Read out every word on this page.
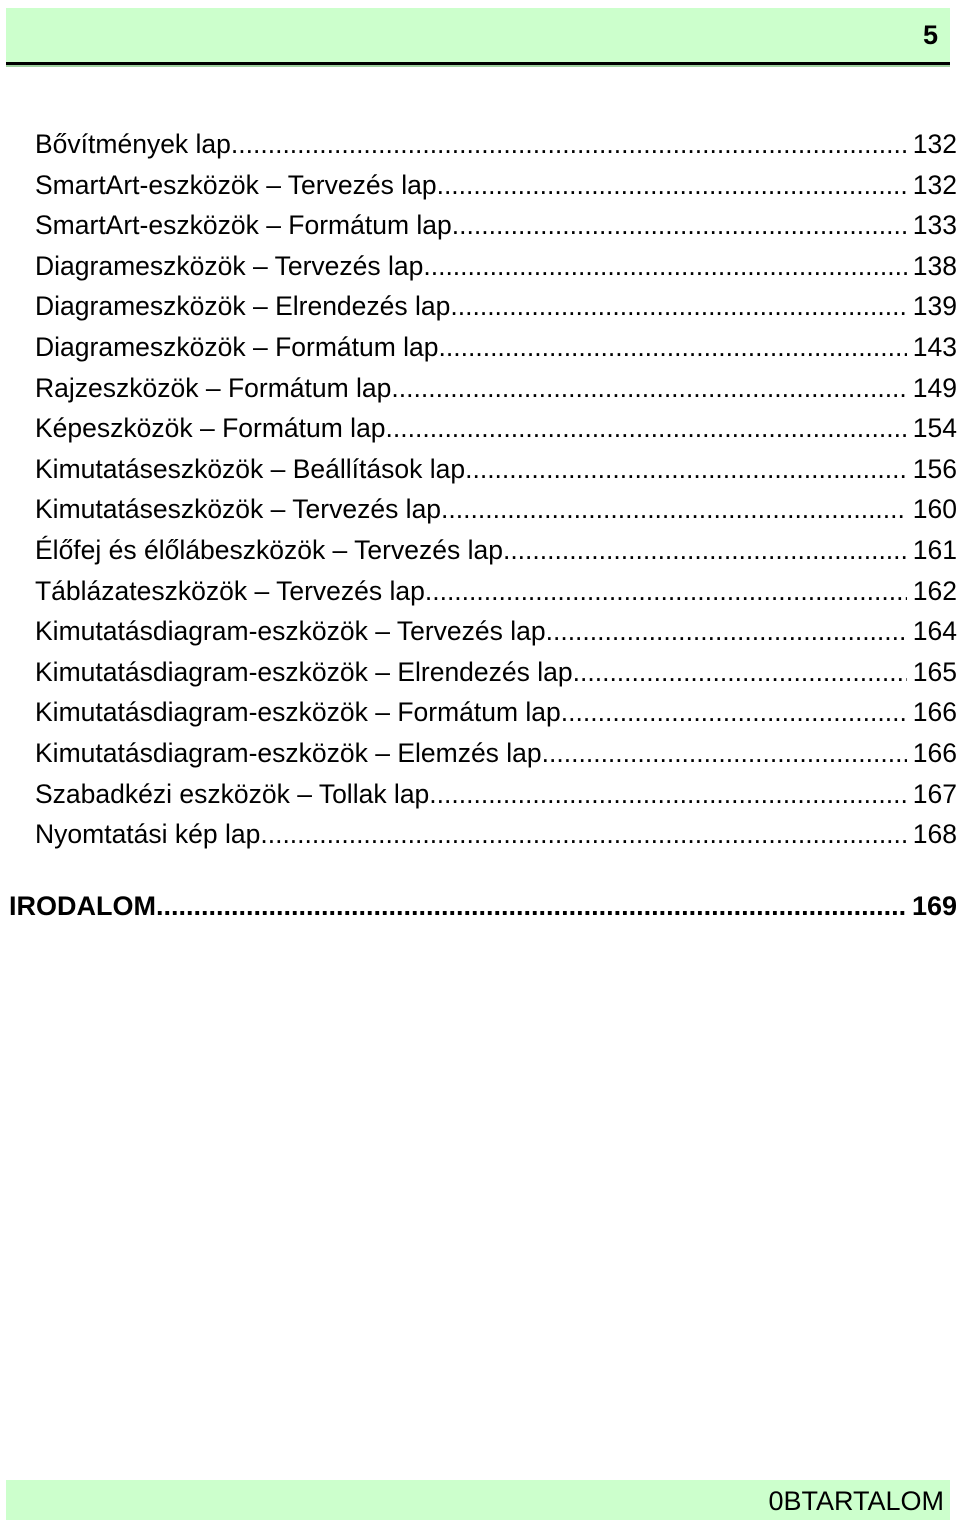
5
Bővítmények lap .....	132
SmartArt-eszközök – Tervezés lap .....	132
SmartArt-eszközök – Formátum lap .....	133
Diagrameszközök – Tervezés lap .....	138
Diagrameszközök – Elrendezés lap .....	139
Diagrameszközök – Formátum lap .....	143
Rajzeszközök – Formátum lap .....	149
Képeszközök – Formátum lap .....	154
Kimutatáseszközök – Beállítások lap .....	156
Kimutatáseszközök – Tervezés lap .....	160
Élőfej és élőlábeszközök – Tervezés lap .....	161
Táblázateszközök – Tervezés lap .....	162
Kimutatásdiagram-eszközök – Tervezés lap .....	164
Kimutatásdiagram-eszközök – Elrendezés lap .....	165
Kimutatásdiagram-eszközök – Formátum lap .....	166
Kimutatásdiagram-eszközök – Elemzés lap .....	166
Szabadkézi eszközök – Tollak lap .....	167
Nyomtatási kép lap .....	168
IRODALOM .....	169
0BTARTALOM
